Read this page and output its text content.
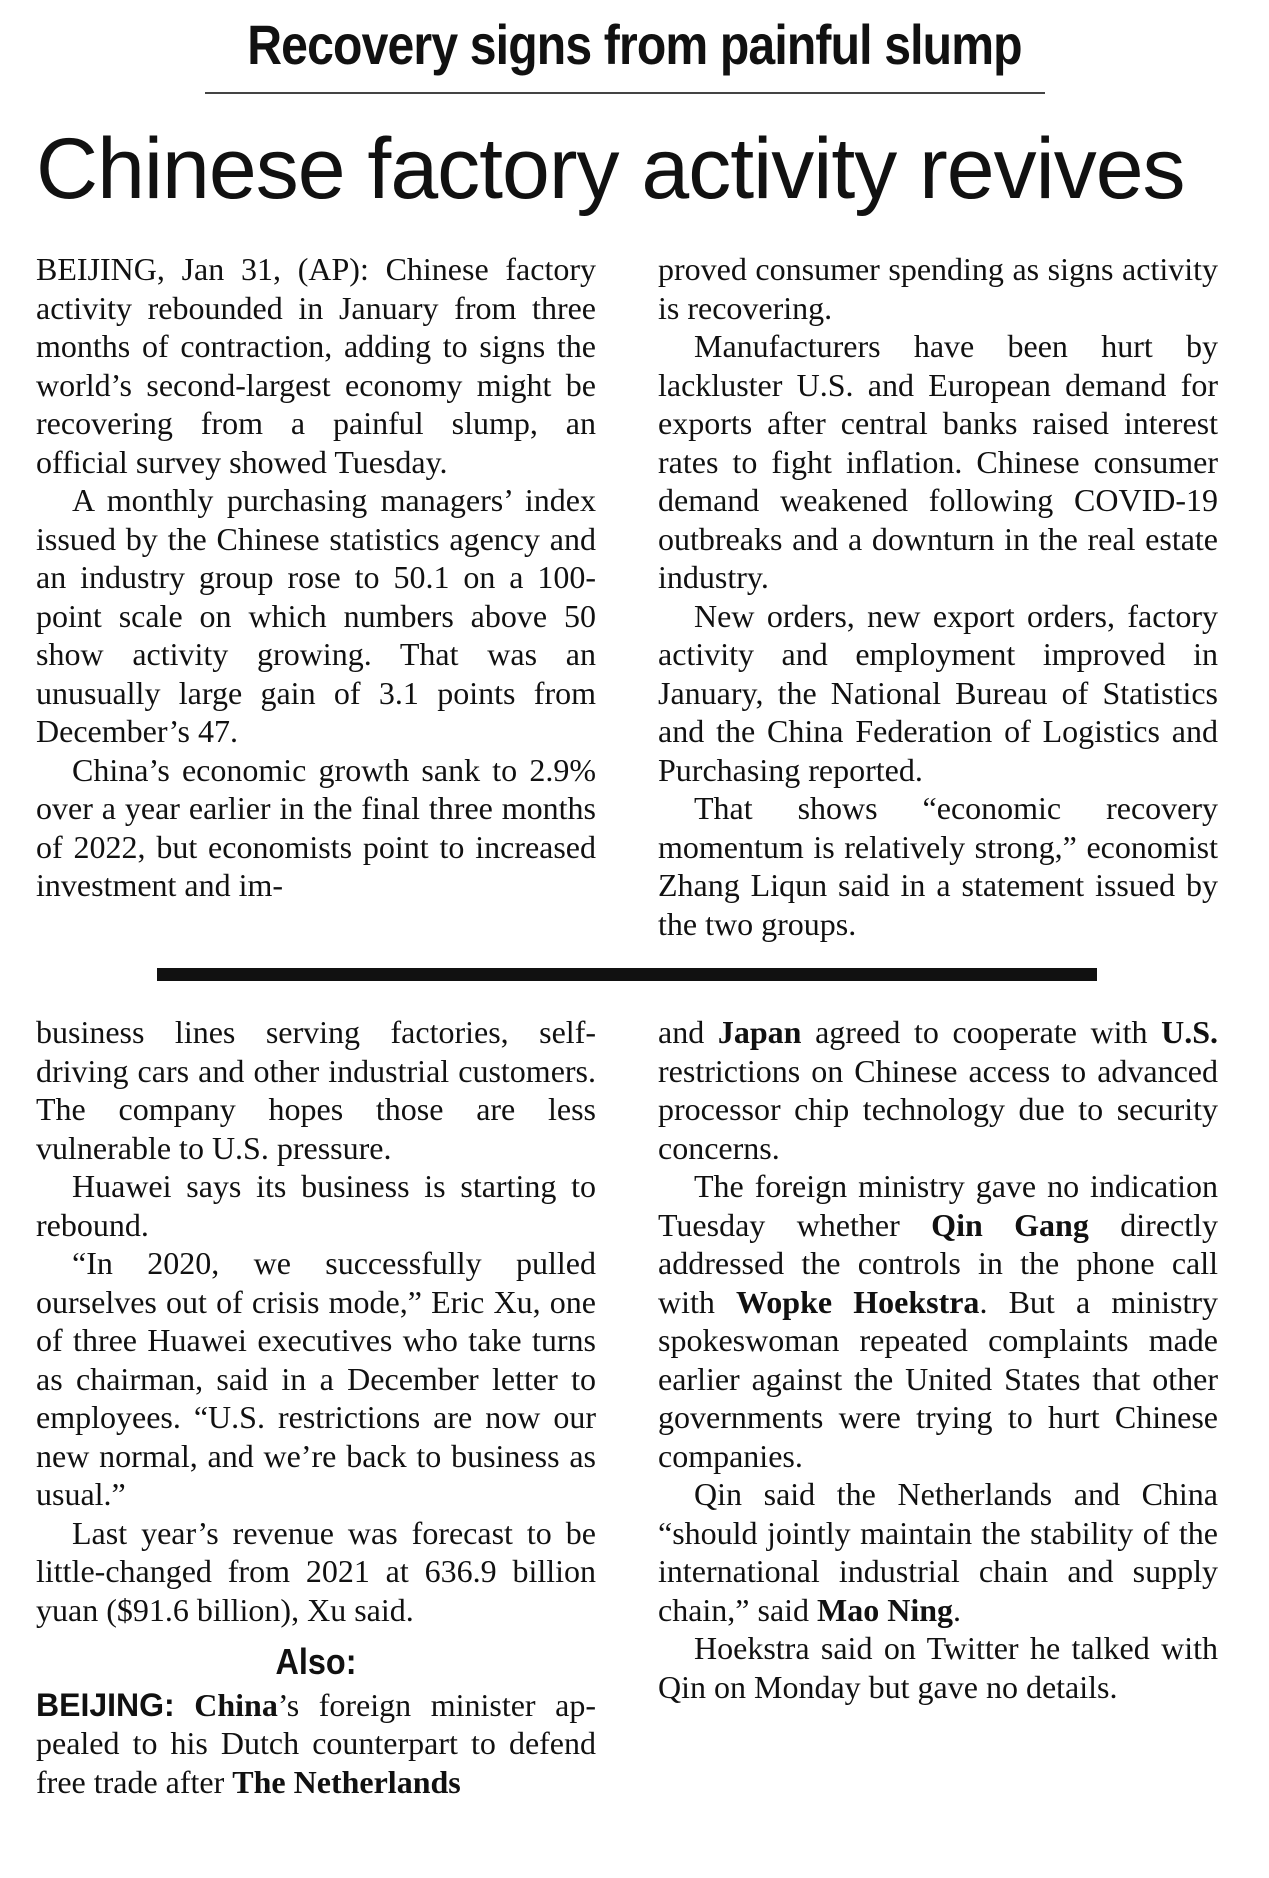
Recovery signs from painful slump
Chinese factory activity revives

BEIJING, Jan 31, (AP): Chinese factory activity rebounded in January from three months of contraction, adding to signs the world’s second-largest economy might be recovering from a painful slump, an official survey showed Tuesday.

A monthly purchasing managers’ index issued by the Chinese statistics agency and an industry group rose to 50.1 on a 100-point scale on which numbers above 50 show activity growing. That was an unusually large gain of 3.1 points from December’s 47.

China’s economic growth sank to 2.9% over a year earlier in the final three months of 2022, but economists point to increased investment and im-

proved consumer spending as signs activity is recovering.

Manufacturers have been hurt by lackluster U.S. and European demand for exports after central banks raised interest rates to fight inflation. Chinese consumer demand weakened following COVID-19 outbreaks and a downturn in the real estate industry.

New orders, new export orders, factory activity and employment improved in January, the National Bureau of Statistics and the China Federation of Logistics and Purchasing reported.

That shows “economic recovery momentum is relatively strong,” economist Zhang Liqun said in a statement issued by the two groups.

business lines serving factories, self-driving cars and other industrial customers. The company hopes those are less vulnerable to U.S. pressure.

Huawei says its business is starting to rebound.

“In 2020, we successfully pulled ourselves out of crisis mode,” Eric Xu, one of three Huawei executives who take turns as chairman, said in a December letter to employees. “U.S. restrictions are now our new normal, and we’re back to business as usual.”

Last year’s revenue was forecast to be little-changed from 2021 at 636.9 billion yuan ($91.6 billion), Xu said.

Also:

BEIJING: China’s foreign minister appealed to his Dutch counterpart to defend free trade after The Netherlands

and Japan agreed to cooperate with U.S. restrictions on Chinese access to advanced processor chip technology due to security concerns.

The foreign ministry gave no indication Tuesday whether Qin Gang directly addressed the controls in the phone call with Wopke Hoekstra. But a ministry spokeswoman repeated complaints made earlier against the United States that other governments were trying to hurt Chinese companies.

Qin said the Netherlands and China “should jointly maintain the stability of the international industrial chain and supply chain,” said Mao Ning.

Hoekstra said on Twitter he talked with Qin on Monday but gave no details.
